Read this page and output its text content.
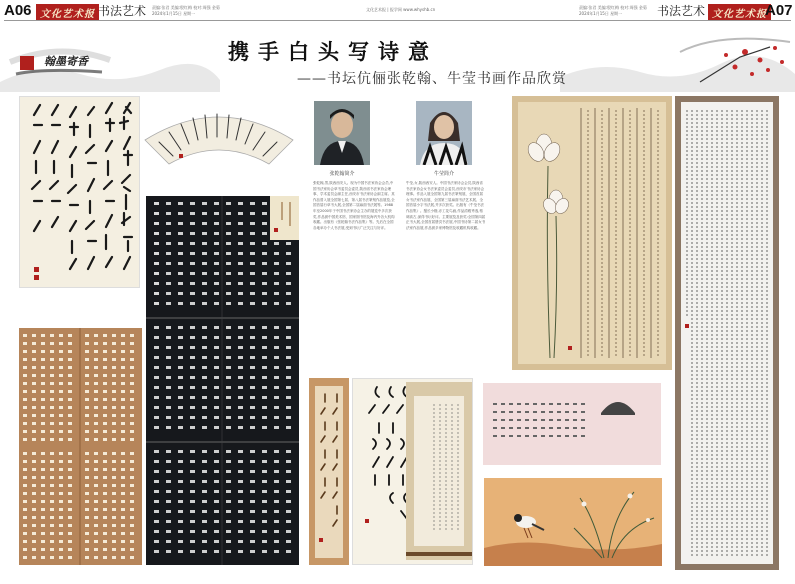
A06 文化艺术报 书法艺术 责编:张君 美编:殷红梅 校对:周强 金菊
2024年1月15日 星期一
文化艺术报 | 报学网 www.whyshb.cn	责编:张君 美编:殷红梅 校对:周强 金菊
2024年1月15日 星期一	书法艺术 文化艺术报
A07
翰墨寄香	携手白头写诗意
——书坛伉俪张乾翰、牛莹书画作品欣赏
张乾翰简介
张乾翰,男,陕西西安人。现为中国书法家协会会员,中国书法家协会草书委员会委员,陕西省书法家协会理事、学术委员会副主任,西安市书法家协会副主席。其作品曾入展全国第七届、第八届书法篆刻作品展览,全国首届行草书大展,全国第二届扇面书法展等。1988年至2000年于中国书法家协会主办的展览中多次获奖,作品被中国美术馆、国家图书馆及海内外各大机构收藏。出版有《张乾翰书法作品集》等。先后在全国各地举办个人书法展,受到书坛广泛关注与好评。
牛莹简介
牛莹,女,陕西西安人。中国书法家协会会员,陕西省书法家协会女书法家委员会委员,西安市书法家协会理事。作品入展全国第九届书法篆刻展、全国首届女书法家作品展、全国第三届扇面书法艺术展、全国首届小字书法展,并多次获奖。出版有《牛莹书法作品集》。擅长小楷,亦工花鸟画,作品清雅秀逸,格调高古,深得书坛好评。主要展览及获奖:全国第四届正书大展,全国首届册页书法展,中国书协第二届女书法家作品展,作品被多家博物馆及收藏机构收藏。
